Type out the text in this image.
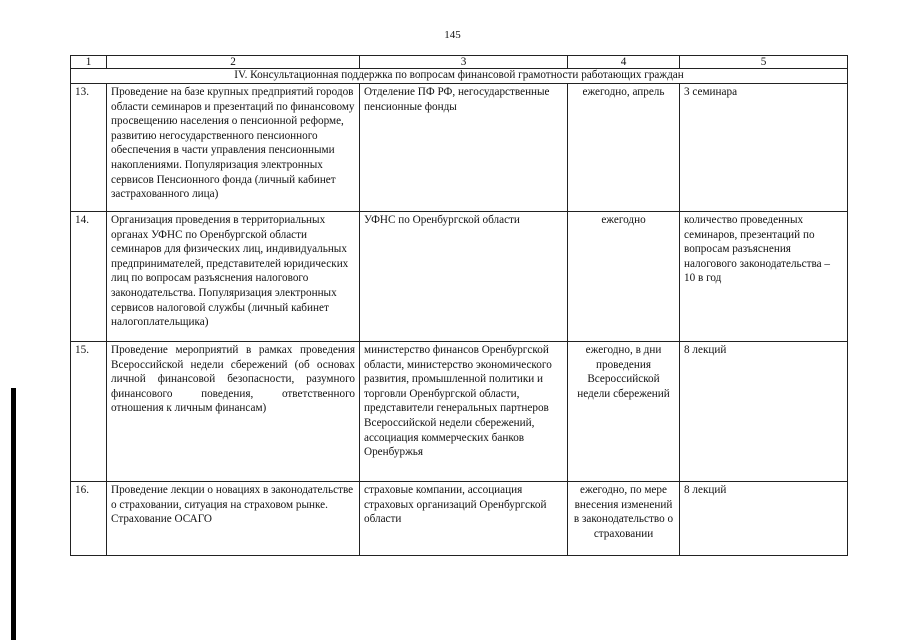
145
1	2	3	4	5
IV. Консультационная поддержка по вопросам финансовой грамотности работающих граждан				
13.	Проведение на базе крупных предприятий городов области семинаров и презентаций по финансовому просвещению населения о пенсионной реформе, развитию негосударственного пенсионного обеспечения в части управления пенсионными накоплениями. Популяризация электронных сервисов Пенсионного фонда (личный кабинет застрахованного лица)	Отделение ПФ РФ, негосударственные пенсионные фонды	ежегодно, апрель	3 семинара
14.	Организация проведения в территориальных органах УФНС по Оренбургской области семинаров для физических лиц, индивидуальных предпринимателей, представителей юридических лиц по вопросам разъяснения налогового законодательства. Популяризация электронных сервисов налоговой службы (личный кабинет налогоплательщика)	УФНС по Оренбургской области	ежегодно	количество проведенных семинаров, презентаций по вопросам разъяснения налогового законодательства – 10 в год
15.	Проведение мероприятий в рамках проведения Всероссийской недели сбережений (об основах личной финансовой безопасности, разумного финансового поведения, ответственного отношения к личным финансам)	министерство финансов Оренбургской области, министерство экономического развития, промышленной политики и торговли Оренбургской области, представители генеральных партнеров Всероссийской недели сбережений, ассоциация коммерческих банков Оренбуржья	ежегодно, в дни проведения Всероссийской недели сбережений	8 лекций
16.	Проведение лекции о новациях в законодательстве о страховании, ситуация на страховом рынке. Страхование ОСАГО	страховые компании, ассоциация страховых организаций Оренбургской области	ежегодно, по мере внесения изменений в законодательство о страховании	8 лекций
